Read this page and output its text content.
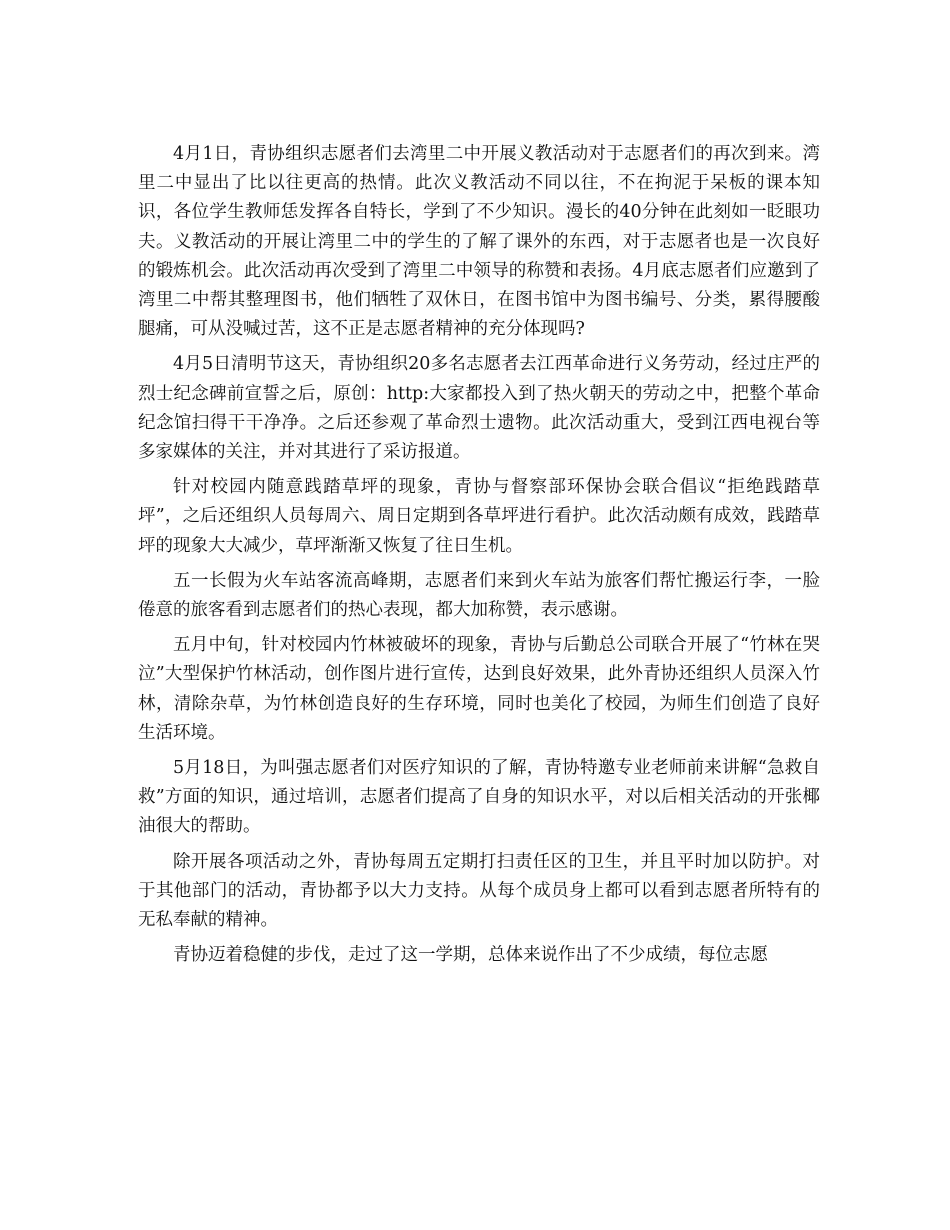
4月1日，青协组织志愿者们去湾里二中开展义教活动对于志愿者们的再次到来。湾里二中显出了比以往更高的热情。此次义教活动不同以往，不在拘泥于呆板的课本知识，各位学生教师恁发挥各自特长，学到了不少知识。漫长的40分钟在此刻如一眨眼功夫。义教活动的开展让湾里二中的学生的了解了课外的东西，对于志愿者也是一次良好的锻炼机会。此次活动再次受到了湾里二中领导的称赞和表扬。4月底志愿者们应邀到了湾里二中帮其整理图书，他们牺牲了双休日，在图书馆中为图书编号、分类，累得腰酸腿痛，可从没喊过苦，这不正是志愿者精神的充分体现吗?

4月5日清明节这天，青协组织20多名志愿者去江西革命进行义务劳动，经过庄严的烈士纪念碑前宣誓之后，原创：http:大家都投入到了热火朝天的劳动之中，把整个革命纪念馆扫得干干净净。之后还参观了革命烈士遗物。此次活动重大，受到江西电视台等多家媒体的关注，并对其进行了采访报道。

针对校园内随意践踏草坪的现象，青协与督察部环保协会联合倡议“拒绝践踏草坪”，之后还组织人员每周六、周日定期到各草坪进行看护。此次活动颇有成效，践踏草坪的现象大大减少，草坪渐渐又恢复了往日生机。

五一长假为火车站客流高峰期，志愿者们来到火车站为旅客们帮忙搬运行李，一脸倦意的旅客看到志愿者们的热心表现，都大加称赞，表示感谢。

五月中旬，针对校园内竹林被破坏的现象，青协与后勤总公司联合开展了“竹林在哭泣”大型保护竹林活动，创作图片进行宣传，达到良好效果，此外青协还组织人员深入竹林，清除杂草，为竹林创造良好的生存环境，同时也美化了校园，为师生们创造了良好生活环境。

5月18日，为叫强志愿者们对医疗知识的了解，青协特邀专业老师前来讲解“急救自救”方面的知识，通过培训，志愿者们提高了自身的知识水平，对以后相关活动的开张椰油很大的帮助。

除开展各项活动之外，青协每周五定期打扫责任区的卫生，并且平时加以防护。对于其他部门的活动，青协都予以大力支持。从每个成员身上都可以看到志愿者所特有的无私奉献的精神。

青协迈着稳健的步伐，走过了这一学期，总体来说作出了不少成绩，每位志愿
